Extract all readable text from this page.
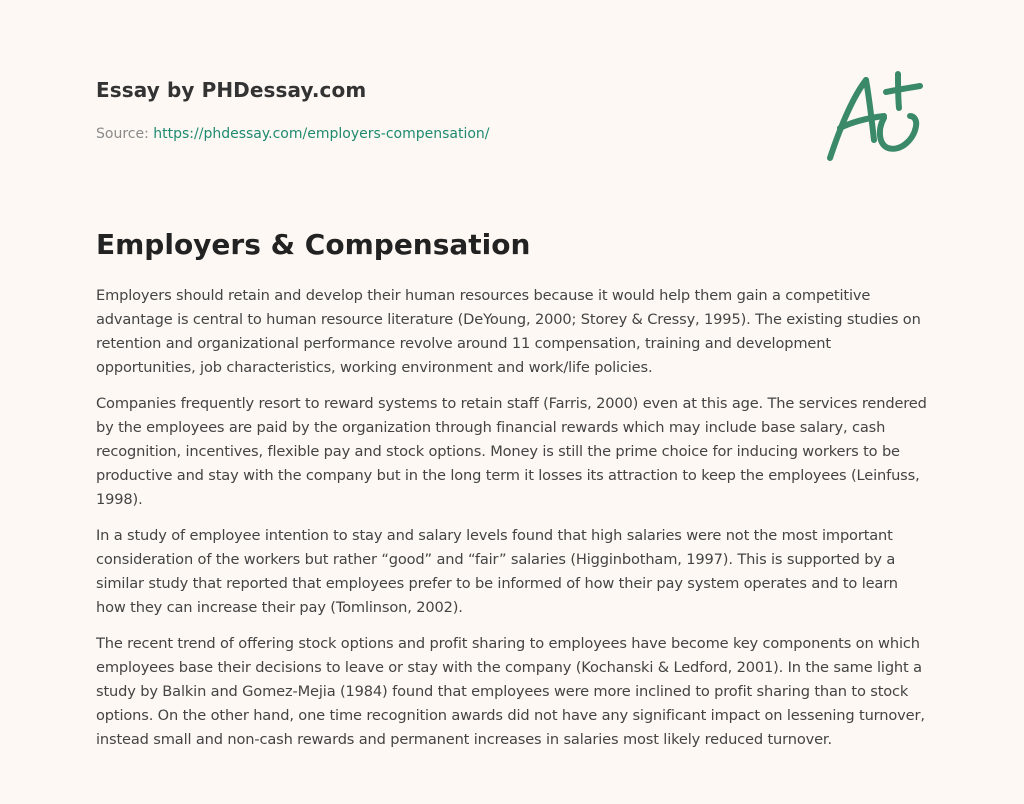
Essay by PHDessay.com

Source: https://phdessay.com/employers-compensation/
Employers & Compensation

Employers should retain and develop their human resources because it would help them gain a competitive advantage is central to human resource literature (DeYoung, 2000; Storey & Cressy, 1995). The existing studies on retention and organizational performance revolve around 11 compensation, training and development opportunities, job characteristics, working environment and work/life policies.

Companies frequently resort to reward systems to retain staff (Farris, 2000) even at this age. The services rendered by the employees are paid by the organization through financial rewards which may include base salary, cash recognition, incentives, flexible pay and stock options. Money is still the prime choice for inducing workers to be productive and stay with the company but in the long term it losses its attraction to keep the employees (Leinfuss, 1998).

In a study of employee intention to stay and salary levels found that high salaries were not the most important consideration of the workers but rather “good” and “fair” salaries (Higginbotham, 1997). This is supported by a similar study that reported that employees prefer to be informed of how their pay system operates and to learn how they can increase their pay (Tomlinson, 2002).

The recent trend of offering stock options and profit sharing to employees have become key components on which employees base their decisions to leave or stay with the company (Kochanski & Ledford, 2001). In the same light a study by Balkin and Gomez-Mejia (1984) found that employees were more inclined to profit sharing than to stock options. On the other hand, one time recognition awards did not have any significant impact on lessening turnover, instead small and non-cash rewards and permanent increases in salaries most likely reduced turnover.
